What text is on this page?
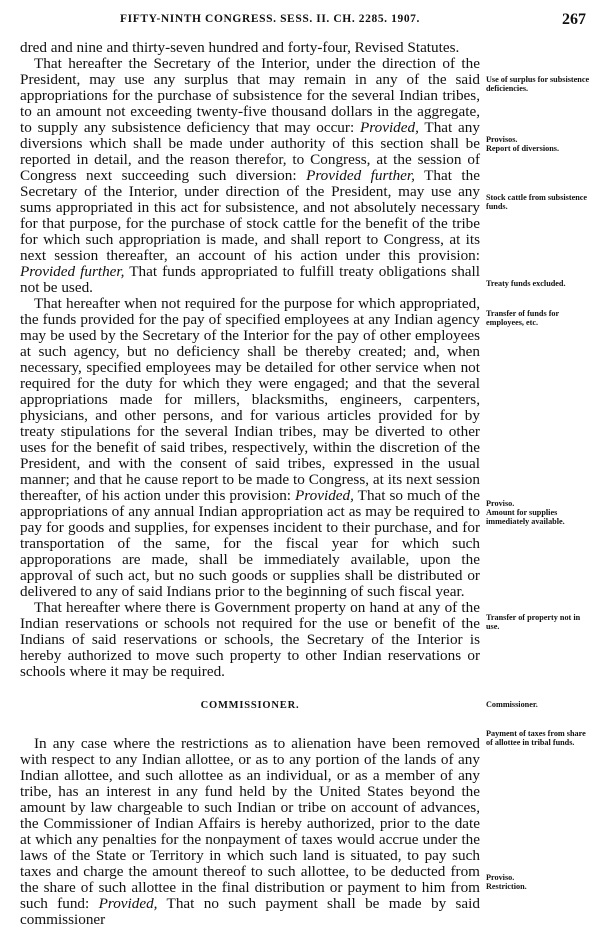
FIFTY-NINTH CONGRESS. SESS. II. CH. 2285. 1907.	267

dred and nine and thirty-seven hundred and forty-four, Revised Statutes.

That hereafter the Secretary of the Interior, under the direction of the President, may use any surplus that may remain in any of the said appropriations for the purchase of subsistence for the several Indian tribes, to an amount not exceeding twenty-five thousand dollars in the aggregate, to supply any subsistence deficiency that may occur: Provided, That any diversions which shall be made under authority of this section shall be reported in detail, and the reason therefor, to Congress, at the session of Congress next succeeding such diversion: Provided further, That the Secretary of the Interior, under direction of the President, may use any sums appropriated in this act for subsistence, and not absolutely necessary for that purpose, for the purchase of stock cattle for the benefit of the tribe for which such appropriation is made, and shall report to Congress, at its next session thereafter, an account of his action under this provision: Provided further, That funds appropriated to fulfill treaty obligations shall not be used.

That hereafter when not required for the purpose for which appropriated, the funds provided for the pay of specified employees at any Indian agency may be used by the Secretary of the Interior for the pay of other employees at such agency, but no deficiency shall be thereby created; and, when necessary, specified employees may be detailed for other service when not required for the duty for which they were engaged; and that the several appropriations made for millers, blacksmiths, engineers, carpenters, physicians, and other persons, and for various articles provided for by treaty stipulations for the several Indian tribes, may be diverted to other uses for the benefit of said tribes, respectively, within the discretion of the President, and with the consent of said tribes, expressed in the usual manner; and that he cause report to be made to Congress, at its next session thereafter, of his action under this provision: Provided, That so much of the appropriations of any annual Indian appropriation act as may be required to pay for goods and supplies, for expenses incident to their purchase, and for transportation of the same, for the fiscal year for which such approporations are made, shall be immediately available, upon the approval of such act, but no such goods or supplies shall be distributed or delivered to any of said Indians prior to the beginning of such fiscal year.

That hereafter where there is Government property on hand at any of the Indian reservations or schools not required for the use or benefit of the Indians of said reservations or schools, the Secretary of the Interior is hereby authorized to move such property to other Indian reservations or schools where it may be required.

COMMISSIONER.

In any case where the restrictions as to alienation have been removed with respect to any Indian allottee, or as to any portion of the lands of any Indian allottee, and such allottee as an individual, or as a member of any tribe, has an interest in any fund held by the United States beyond the amount by law chargeable to such Indian or tribe on account of advances, the Commissioner of Indian Affairs is hereby authorized, prior to the date at which any penalties for the nonpayment of taxes would accrue under the laws of the State or Territory in which such land is situated, to pay such taxes and charge the amount thereof to such allottee, to be deducted from the share of such allottee in the final distribution or payment to him from such fund: Provided, That no such payment shall be made by said commissioner

Use of surplus for subsistence deficiencies.
Provisos.
Report of diversions.
Stock cattle from subsistence funds.
Treaty funds excluded.
Transfer of funds for employees, etc.
Proviso.
Amount for supplies immediately available.
Transfer of property not in use.
Commissioner.
Payment of taxes from share of allottee in tribal funds.
Proviso.
Restriction.
